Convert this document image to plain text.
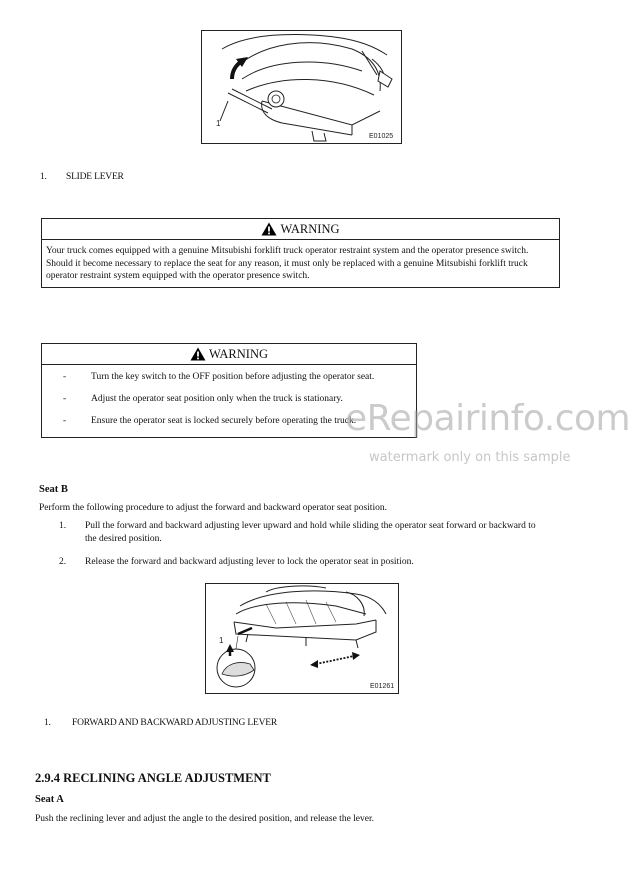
1
E01025
1. SLIDE LEVER
WARNING
Your truck comes equipped with a genuine Mitsubishi forklift truck operator restraint system and the operator presence switch. Should it become necessary to replace the seat for any reason, it must only be replaced with a genuine Mitsubishi forklift truck operator restraint system equipped with the operator presence switch.
WARNING
-	Turn the key switch to the OFF position before adjusting the operator seat.
-	Adjust the operator seat position only when the truck is stationary.
-	Ensure the operator seat is locked securely before operating the truck.
eRepairinfo.com
watermark only on this sample
Seat B
Perform the following procedure to adjust the forward and backward operator seat position.
1. Pull the forward and backward adjusting lever upward and hold while sliding the operator seat forward or backward to the desired position.
2. Release the forward and backward adjusting lever to lock the operator seat in position.
1
E01261
1. FORWARD AND BACKWARD ADJUSTING LEVER
2.9.4 RECLINING ANGLE ADJUSTMENT
Seat A
Push the reclining lever and adjust the angle to the desired position, and release the lever.
